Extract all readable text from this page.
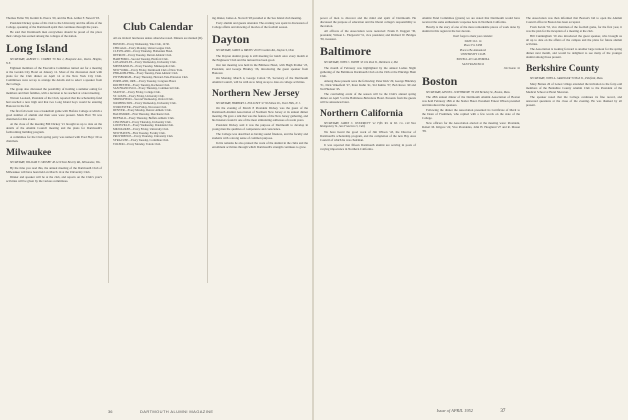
Thomas Fuller '00, Kermit K. Pierce '29, and the Hon. Arthur F. Newell '03.

President Dickey spoke of his visit to the University and the affairs of the College, speaking of the Dartmouth spirit that continues through the years.

He said that Dartmouth men everywhere should be proud of the place their college has earned among the colleges of the nation.

Long Island

SECRETARY, ALBERT C. CORBIN '39 Box 1, Bluepoint Ave., Rockv. Heights, N.Y.

Eighteen members of the Executive Committee turned out for a meeting at the Garden City Hotel on January 12. Most of the discussion dealt with plans for the Club dinner on April 14 at the New York City Club. Committees were set up to arrange the details and to select a speaker from the College.

The group also discussed the possibility of holding a summer outing for members and their families, with a decision to be reached at a later meeting.

Warren Leonard, President of the Club, reported that the scholarship fund had reached a new high and that two Long Island boys would be entering Hanover in the fall.

The first fall event was a basketball game with Hofstra College at which a good number of alumni and their sons were present. Mark Hart '36 was chairman for this event.

At the close of the meeting Bill Dickey '21 brought us up to date on the details of the Alumni Council meeting and the plans for Dartmouth's forthcoming building program.

A committee for the Club spring party was named with Fred Hoyt '29 as chairman.

Milwaukee

SECRETARY, WILLIAM F. CROSBY '48 2219 East Beverly Rd., Milwaukee, Wis.

By the time you read this, the annual meeting of the Dartmouth Club of Milwaukee will have been held on March 14 at the University Club.

Dinner and speaker will be at the club, and reports on the Club's year's activities will be given by the various committees.

Club Calendar
All are invited: luncheons unless otherwise noted. Dinners are marked (D).

BOSTON—Every Wednesday, Yale Club, 12:30.

CHICAGO—Every Monday, Union League Club.

CLEVELAND—Every Thursday, Hollenden Hotel.

DETROIT—Every Tuesday, Detroit Athletic Club.

HARTFORD—Second Tuesday, Hartford Club.

LOS ANGELES—Every Wednesday, University Club.

MINNEAPOLIS—Every Tuesday, Minneapolis Club.

NEW YORK—Every Friday, Dartmouth Club of New York.

PHILADELPHIA—Every Tuesday, Penn Athletic Club.

PITTSBURGH—Every Thursday, Harvard-Yale-Princeton Club.

PORTLAND, ORE.—Every Tuesday, Congress Hotel.

ROCHESTER—Every Tuesday, Rochester Club.

SAN FRANCISCO—Every Thursday, Commercial Club.

SEATTLE—Every Friday, College Club.

ST. LOUIS—Every Friday, University Club.

SPRINGFIELD—Second Wednesday, Oxford Club.

WASHINGTON—Every Wednesday, University Club.

WORCESTER—First Friday, Worcester Club.

DENVER—Every Monday, Denver Athletic Club.

BALTIMORE—First Thursday, Merchants Club.

BUFFALO—Every Thursday, Buffalo Athletic Club.

CINCINNATI—Every Thursday, University Club.

LOUISVILLE—Every Wednesday, Pendennis Club.

MILWAUKEE—Every Friday, University Club.

NEW HAVEN—First Tuesday, Faculty Club.

PROVIDENCE—Every Thursday, University Club.

SYRACUSE—Every Tuesday, Corinthian Club.

TOLEDO—Every Monday, Toledo Club.

ing dinner, James A. Norvell '28 presided at the Sea Island club meeting.

Forty alumni and guests attended. The evening was spent in discussion of College affairs and showing of movies of the football season.

Dayton

SECRETARY, JAMES A. BRONS '49 655 Garden Rd., Dayton 9, Ohio

The Dayton alumni group is still meeting for lunch once every month at the Engineers' Club and the turnout has been good.

Our last meeting was held in the Biltmore Hotel, with Hugh Prather '23, President, and George Hinkley '26, introducing the guest speaker from Hanover.

On Monday, March 4, George Colton '33, Secretary of the Dartmouth Alumni Council, will be with us to bring us up to date on college activities.

Northern New Jersey

SECRETARY, HERBERT L. POLLOWY '47 36 Edison Dr., Short Hills, N. J.

On the evening of March 8 President Dickey was the guest of the Dartmouth Alumni Association of Northern New Jersey at its annual dinner meeting. He gave a talk that was the feature of the New Jersey gathering, and his listeners found it one of the most stimulating addresses of recent years.

President Dickey said it was the purpose of Dartmouth to develop in young men the qualities of competence and conscience.

The College was described as having sound finances, and the faculty and students with a strong sense of common purpose.

In his remarks he also praised the work of the alumni in the clubs and the enrollment activities through which Dartmouth's strength continues to grow.

36	DARTMOUTH ALUMNI MAGAZINE

power of men to discover and the mind and spirit of Dartmouth. He discussed the purpose of education and the liberal college's responsibility to the nation.

All officers of the Association were reelected: Frank P. Daggett '30, president; Wilson L. Fitzgerald '31, vice president; and Richard W. Bridges '30, treasurer.

Baltimore

SECRETARY, JOHN C. SMITH '45 104 Paul St., Baltimore 2, Md.

The month of February was highlighted by the annual Ladies Night gathering of the Baltimore Dartmouth Club on the 19th at the Elkridge Hunt Club.

Among those present were the following: Peter Kirk '29, George Hinckley '31, Dick Wakefield '27, Peter Kuhn '41, Sid Kuhns '37, Bob Rowe '40 and Ted Hudson '45.

The concluding event of the season will be the Club's annual spring dinner on April 5 at the Baltimore-Belvedere Hotel. Presents from the guests will be announced later.

Northern California

SECRETARY, JAMES C. WOODRUFF '41 Fifth Tel. & Tel. Co. 140 New Montgomery St., San Francisco 5, Calif.

We have heard the good work of Jim Wilson '43, the Director of Dartmouth's scholarship program, and the completion of the new Bay Area Council of which he was chairman.

It was reported that fifteen Dartmouth alumni are serving in posts of varying importance in Northern California.

Alumni Fund Committee (grants) we are stated that Dartmouth would have received the same enthusiastic response here in Northern California.

Hereby is the story of one of the more remarkable pieces of work done by alumni in this region in the last decade.

Don't forget to mark your calendar:

DATE: Oct. 14

Place: Fri. 6 PM

Place to Be Announced

UNIVERSITY CLUB

POWELL AT CALIFORNIA

SAN FRANCISCO

Jim Swann '41

Boston

SECRETARY, ANSON L. WINTHROPE '39 200 Berkeley St., Boston, Mass.

The 28th annual dinner of the Dartmouth Alumni Association of Boston was held February 18th at the Statler Hotel. President Ernest Wilson presided and introduced the speakers.

Following the dinner the Association presented its Certificate of Merit to the Dean of Freshmen, who replied with a few words on the state of the College.

New officers for the Association elected at the meeting were: President, Robert M. Kilgore '24; Vice Presidents, John H. Hoagland '27 and R. Mason '38.

The Association was then informed that Boston's bid to open the Alumni Council office in Boston has been accepted.

From Kevin '33, vice chairman of the football game, for the first year, it was the plan for the inception of a meeting at the club.

Bill Cunningham '19 also introduced the guest speaker, who brought us all up to date on the affairs of the campus and the plans for future alumni activities.

The Association is looking forward to another large turnout for the spring dinner next month, and would be delighted to see many of the younger alumni among those present.

Berkshire County

SECRETARY, JOHN A. GRAINGER '50 Holt St., Pittsfield, Mass.

Mary Barnes 26 of Lenox village extended the invitation to the forty-odd members of the Berkshire County Alumni Club to the President of the Medical School at Hotel Sheraton.

The speaker noted that the College continues its fine record, and answered questions at the close of the evening. He was thanked by all present.

Issue of APRIL 1952	37
